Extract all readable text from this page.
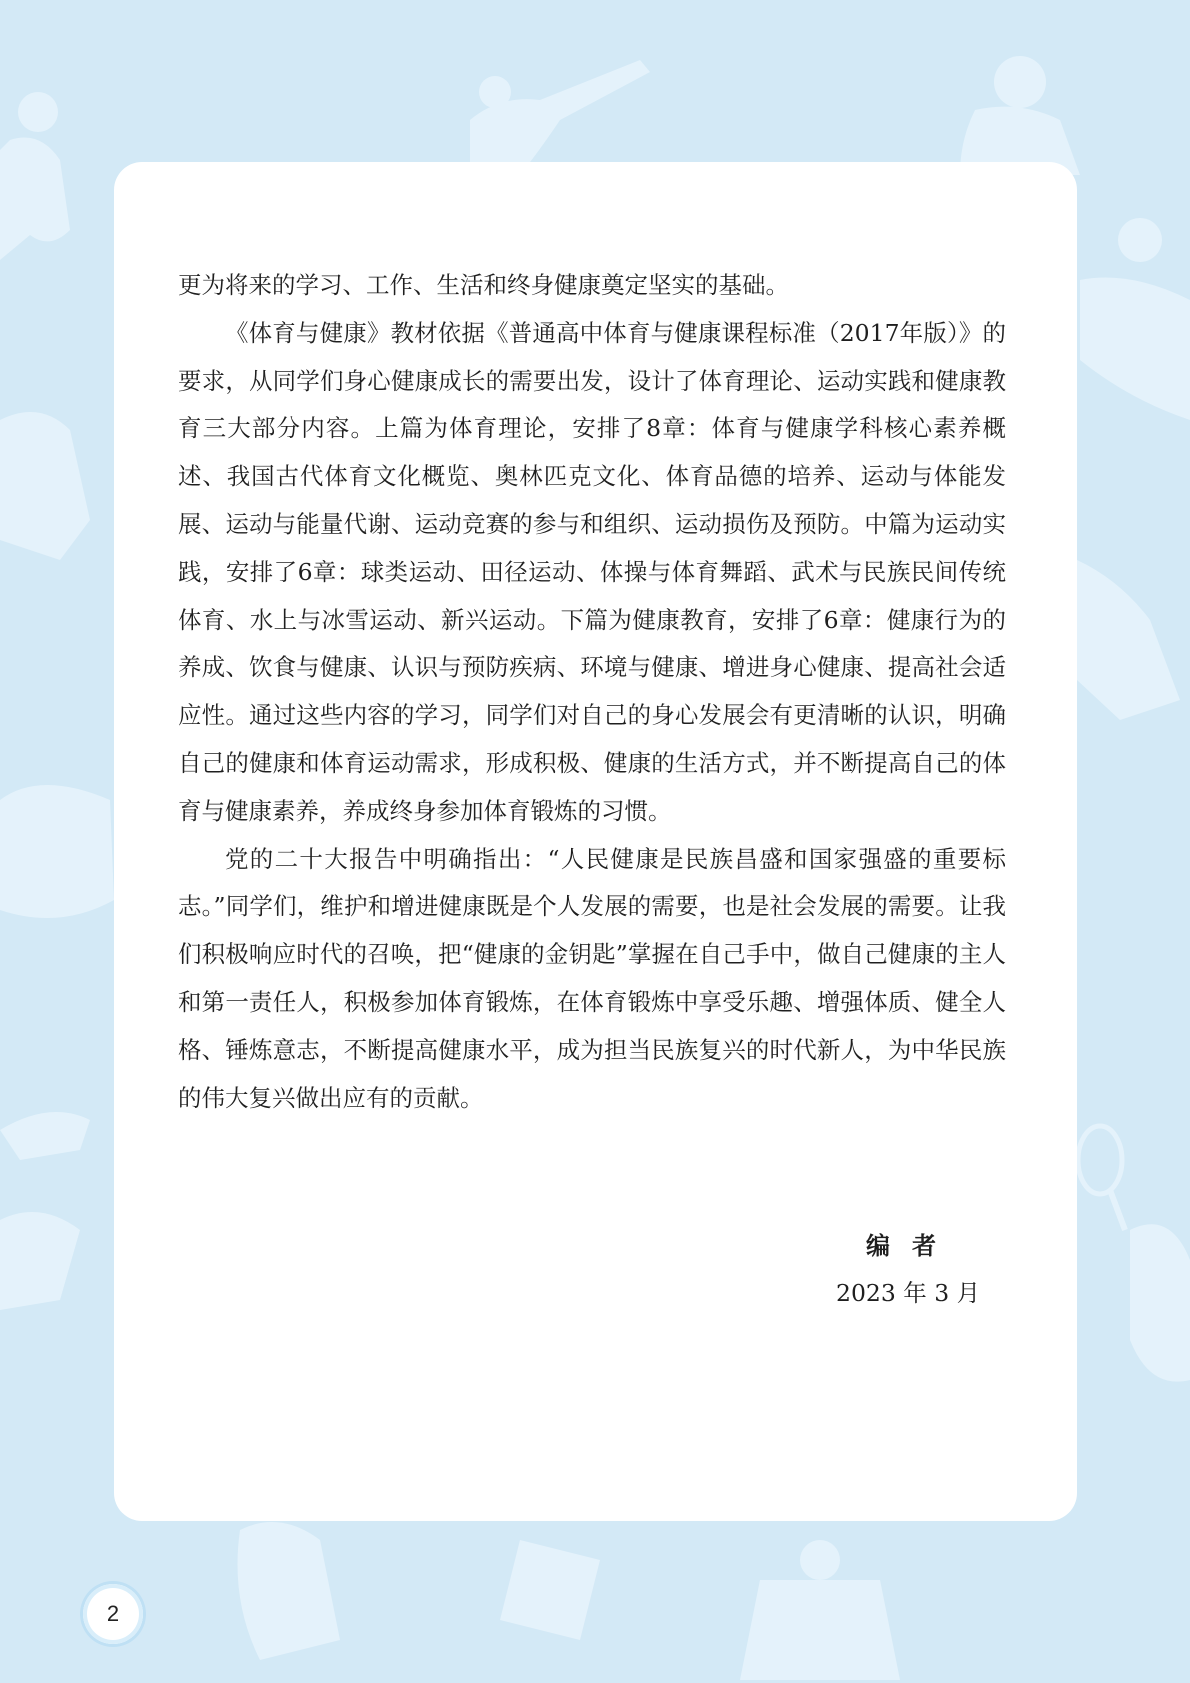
更为将来的学习、工作、生活和终身健康奠定坚实的基础。

《体育与健康》教材依据《普通高中体育与健康课程标准（2017年版）》的要求，从同学们身心健康成长的需要出发，设计了体育理论、运动实践和健康教育三大部分内容。上篇为体育理论，安排了8章：体育与健康学科核心素养概述、我国古代体育文化概览、奥林匹克文化、体育品德的培养、运动与体能发展、运动与能量代谢、运动竞赛的参与和组织、运动损伤及预防。中篇为运动实践，安排了6章：球类运动、田径运动、体操与体育舞蹈、武术与民族民间传统体育、水上与冰雪运动、新兴运动。下篇为健康教育，安排了6章：健康行为的养成、饮食与健康、认识与预防疾病、环境与健康、增进身心健康、提高社会适应性。通过这些内容的学习，同学们对自己的身心发展会有更清晰的认识，明确自己的健康和体育运动需求，形成积极、健康的生活方式，并不断提高自己的体育与健康素养，养成终身参加体育锻炼的习惯。

党的二十大报告中明确指出：“人民健康是民族昌盛和国家强盛的重要标志。”同学们，维护和增进健康既是个人发展的需要，也是社会发展的需要。让我们积极响应时代的召唤，把“健康的金钥匙”掌握在自己手中，做自己健康的主人和第一责任人，积极参加体育锻炼，在体育锻炼中享受乐趣、增强体质、健全人格、锤炼意志，不断提高健康水平，成为担当民族复兴的时代新人，为中华民族的伟大复兴做出应有的贡献。

编者
2023 年 3 月
2
